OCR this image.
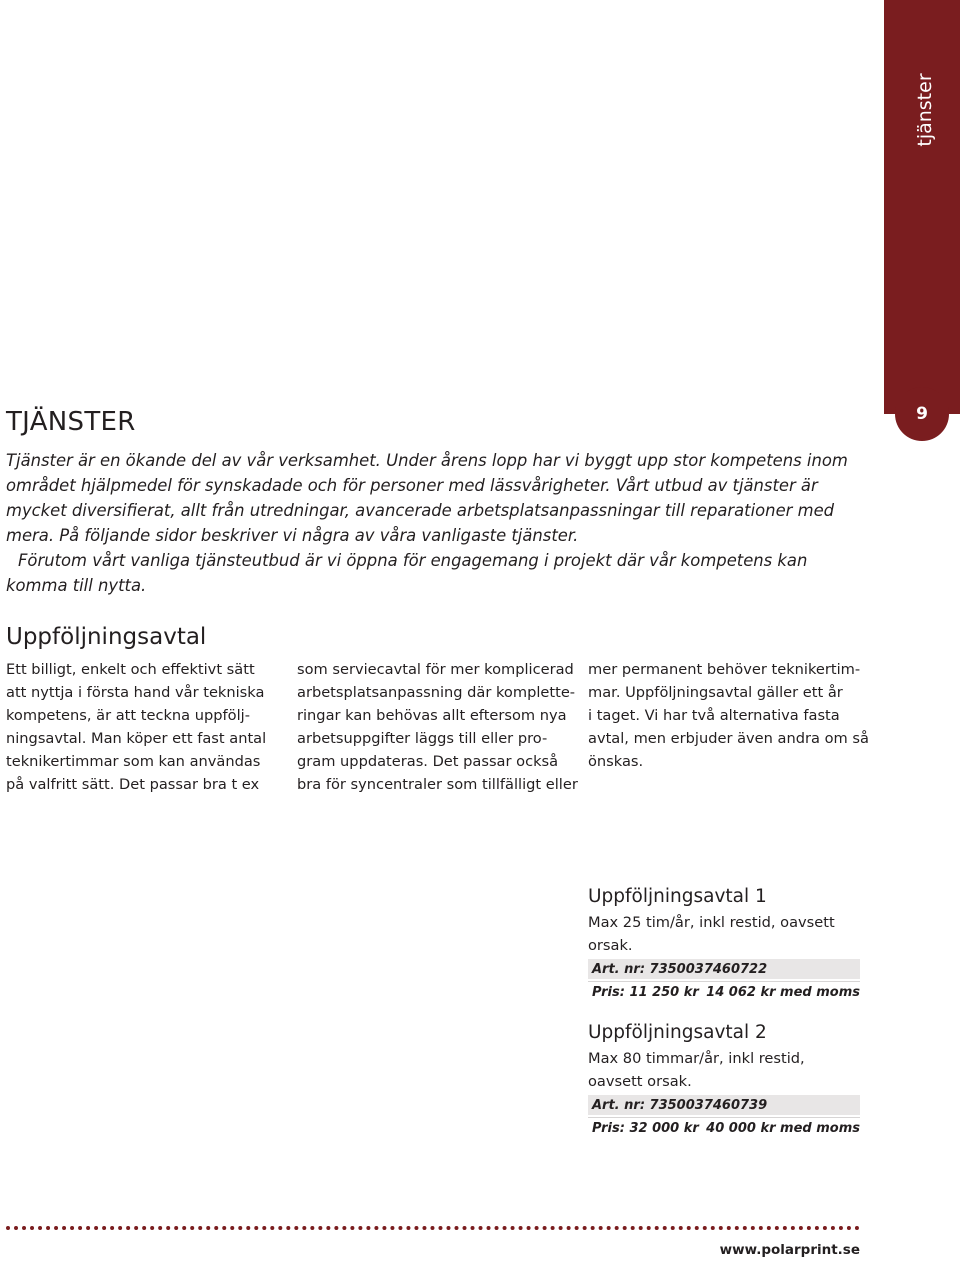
tjänster
9
TJÄNSTER

Tjänster är en ökande del av vår verksamhet. Under årens lopp har vi byggt upp stor kompetens inom området hjälpmedel för synskadade och för personer med lässvårigheter. Vårt utbud av tjänster är mycket diversifierat, allt från utredningar, avancerade arbetsplatsanpassningar till reparationer med mera. På följande sidor beskriver vi några av våra vanligaste tjänster.

Förutom vårt vanliga tjänsteutbud är vi öppna för engagemang i projekt där vår kompetens kan komma till nytta.

Uppföljningsavtal
Ett billigt, enkelt och effektivt sätt
att nyttja i första hand vår tekniska
kompetens, är att teckna uppfölj-
ningsavtal. Man köper ett fast antal
teknikertimmar som kan användas
på valfritt sätt. Det passar bra t ex
som serviecavtal för mer komplicerad
arbetsplatsanpassning där komplette-
ringar kan behövas allt eftersom nya
arbetsuppgifter läggs till eller pro-
gram uppdateras. Det passar också
bra för syncentraler som tillfälligt eller
mer permanent behöver teknikertim-
mar. Uppföljningsavtal gäller ett år
i taget. Vi har två alternativa fasta
avtal, men erbjuder även andra om så
önskas.
Uppföljningsavtal 1
Max 25 tim/år, inkl restid, oavsett orsak.
Art. nr: 7350037460722
Pris: 11 250 kr 14 062 kr med moms
Uppföljningsavtal 2
Max 80 timmar/år, inkl restid, oavsett orsak.
Art. nr: 7350037460739
Pris: 32 000 kr 40 000 kr med moms
www.polarprint.se
